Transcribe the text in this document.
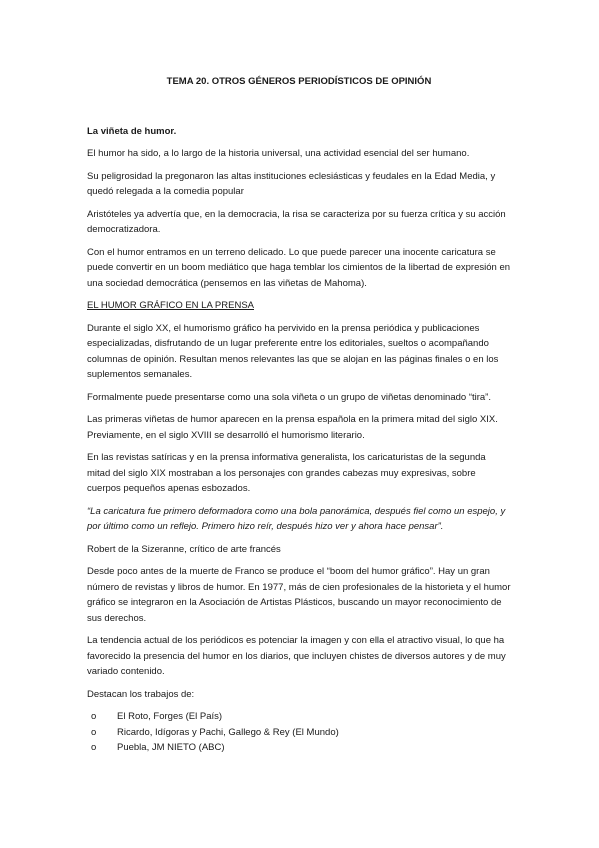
TEMA 20. OTROS GÉNEROS PERIODÍSTICOS DE OPINIÓN

La viñeta de humor.

El humor ha sido, a lo largo de la historia universal, una actividad esencial del ser humano.

Su peligrosidad la pregonaron las altas instituciones eclesiásticas y feudales en la Edad Media, y quedó relegada a la comedia popular

Aristóteles ya advertía que, en la democracia, la risa se caracteriza por su fuerza crítica y su acción democratizadora.

Con el humor entramos en un terreno delicado. Lo que puede parecer una inocente caricatura se puede convertir en un boom mediático que haga temblar los cimientos de la libertad de expresión en una sociedad democrática (pensemos en las viñetas de Mahoma).

EL HUMOR GRÁFICO EN LA PRENSA

Durante el siglo XX, el humorismo gráfico ha pervivido en la prensa periódica y publicaciones especializadas, disfrutando de un lugar preferente entre los editoriales, sueltos o acompañando columnas de opinión. Resultan menos relevantes las que se alojan en las páginas finales o en los suplementos semanales.

Formalmente puede presentarse como una sola viñeta o un grupo de viñetas denominado “tira”.

Las primeras viñetas de humor aparecen en la prensa española en la primera mitad del siglo XIX. Previamente, en el siglo XVIII se desarrolló el humorismo literario.

En las revistas satíricas y en la prensa informativa generalista, los caricaturistas de la segunda mitad del siglo XIX mostraban a los personajes con grandes cabezas muy expresivas, sobre cuerpos pequeños apenas esbozados.

“La caricatura fue primero deformadora como una bola panorámica, después fiel como un espejo, y por último como un reflejo. Primero hizo reír, después hizo ver y ahora hace pensar”.

Robert de la Sizeranne, crítico de arte francés

Desde poco antes de la muerte de Franco se produce el “boom del humor gráfico”. Hay un gran número de revistas y libros de humor. En 1977, más de cien profesionales de la historieta y el humor gráfico se integraron en la Asociación de Artistas Plásticos, buscando un mayor reconocimiento de sus derechos.

La tendencia actual de los periódicos es potenciar la imagen y con ella el atractivo visual, lo que ha favorecido la presencia del humor en los diarios, que incluyen chistes de diversos autores y de muy variado contenido.

Destacan los trabajos de:

o El Roto, Forges (El País)
o Ricardo, Idígoras y Pachi, Gallego & Rey (El Mundo)
o Puebla, JM NIETO (ABC)
